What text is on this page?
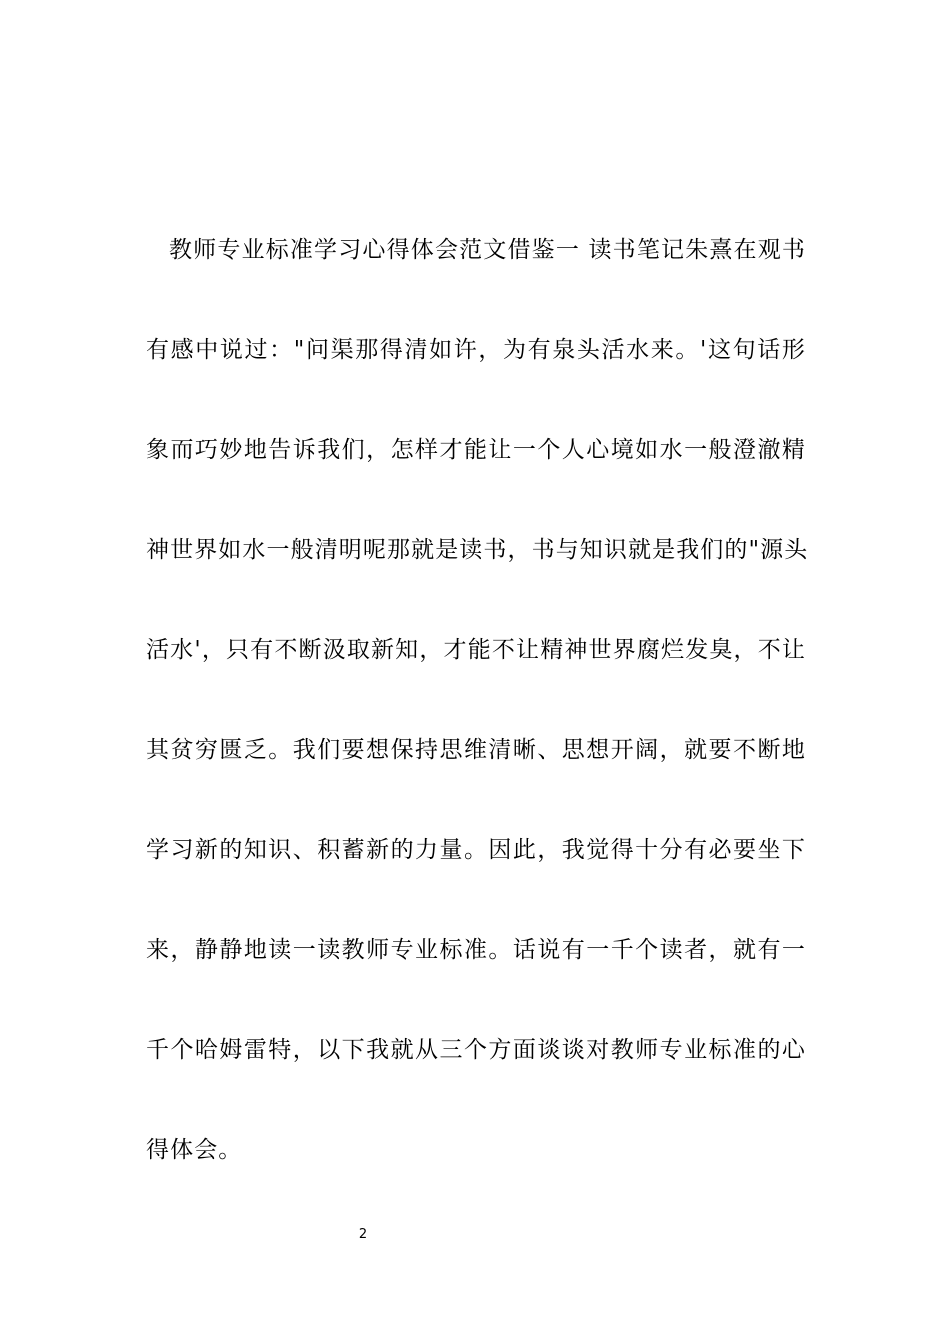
教师专业标准学习心得体会范文借鉴一 读书笔记朱熹在观书
有感中说过："问渠那得清如许，为有泉头活水来。'这句话形
象而巧妙地告诉我们，怎样才能让一个人心境如水一般澄澈精
神世界如水一般清明呢那就是读书，书与知识就是我们的"源头
活水'，只有不断汲取新知，才能不让精神世界腐烂发臭，不让
其贫穷匮乏。我们要想保持思维清晰、思想开阔，就要不断地
学习新的知识、积蓄新的力量。因此，我觉得十分有必要坐下
来，静静地读一读教师专业标准。话说有一千个读者，就有一
千个哈姆雷特，以下我就从三个方面谈谈对教师专业标准的心
得体会。
2
